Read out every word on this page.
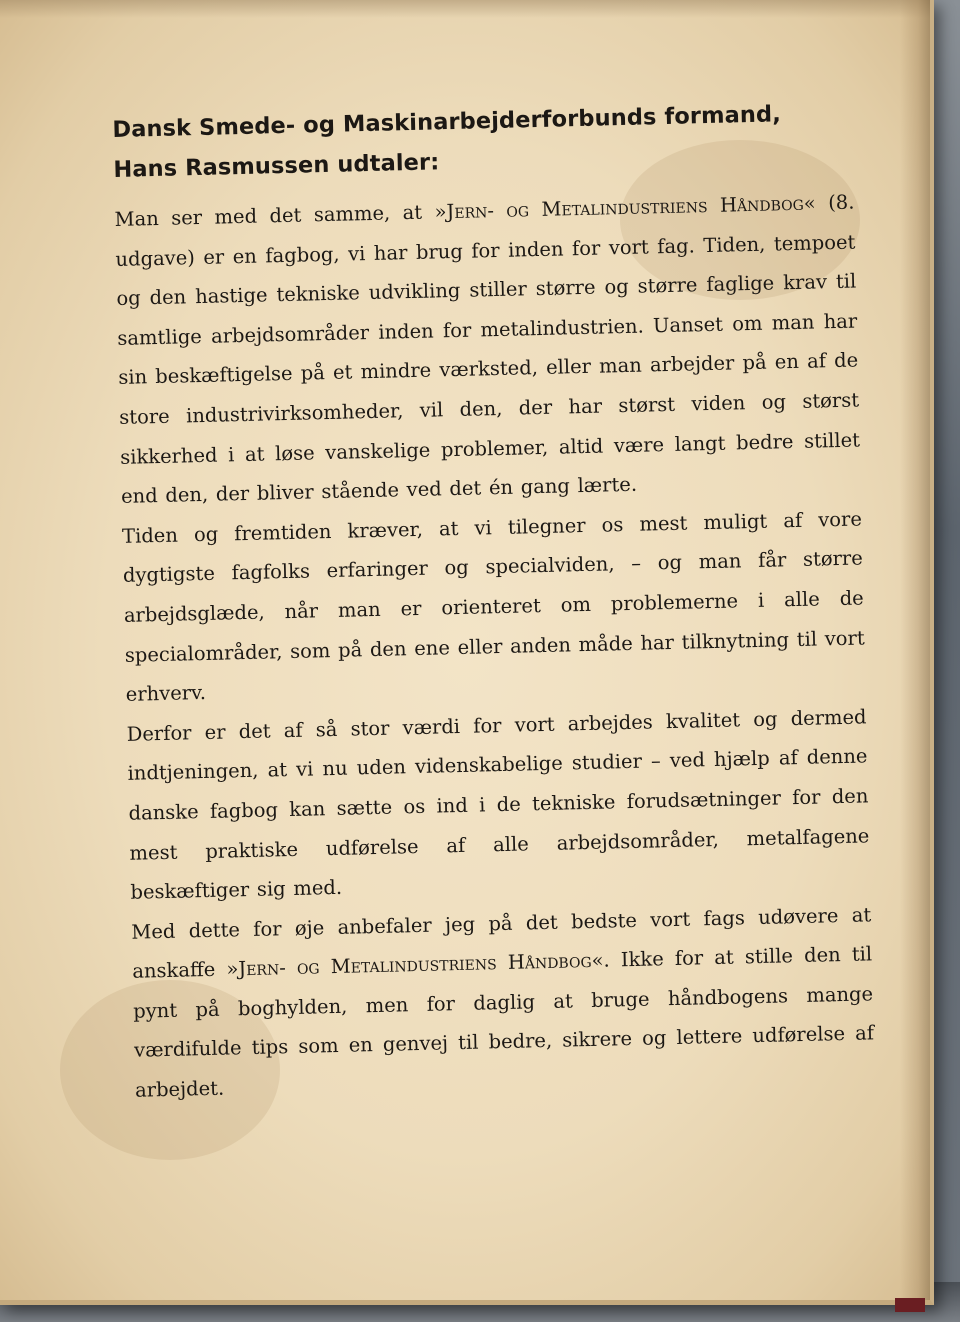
Dansk Smede- og Maskinarbejderforbunds formand,

Hans Rasmussen udtaler:

Man ser med det samme, at »Jern- og Metalindustriens Håndbog« (8. udgave) er en fagbog, vi har brug for inden for vort fag. Tiden, tempoet og den hastige tekniske udvikling stiller større og større faglige krav til samtlige arbejdsområder inden for metalindustrien. Uanset om man har sin beskæftigelse på et mindre værksted, eller man arbejder på en af de store industrivirksomheder, vil den, der har størst viden og størst sikkerhed i at løse vanskelige problemer, altid være langt bedre stillet end den, der bliver stående ved det én gang lærte.

Tiden og fremtiden kræver, at vi tilegner os mest muligt af vore dygtigste fagfolks erfaringer og specialviden, – og man får større arbejdsglæde, når man er orienteret om problemerne i alle de specialområder, som på den ene eller anden måde har tilknytning til vort erhverv.

Derfor er det af så stor værdi for vort arbejdes kvalitet og dermed indtjeningen, at vi nu uden videnskabelige studier – ved hjælp af denne danske fagbog kan sætte os ind i de tekniske forudsætninger for den mest praktiske udførelse af alle arbejdsområder, metalfagene beskæftiger sig med.

Med dette for øje anbefaler jeg på det bedste vort fags udøvere at anskaffe »Jern- og Metalindustriens Håndbog«. Ikke for at stille den til pynt på boghylden, men for daglig at bruge håndbogens mange værdifulde tips som en genvej til bedre, sikrere og lettere udførelse af arbejdet.
